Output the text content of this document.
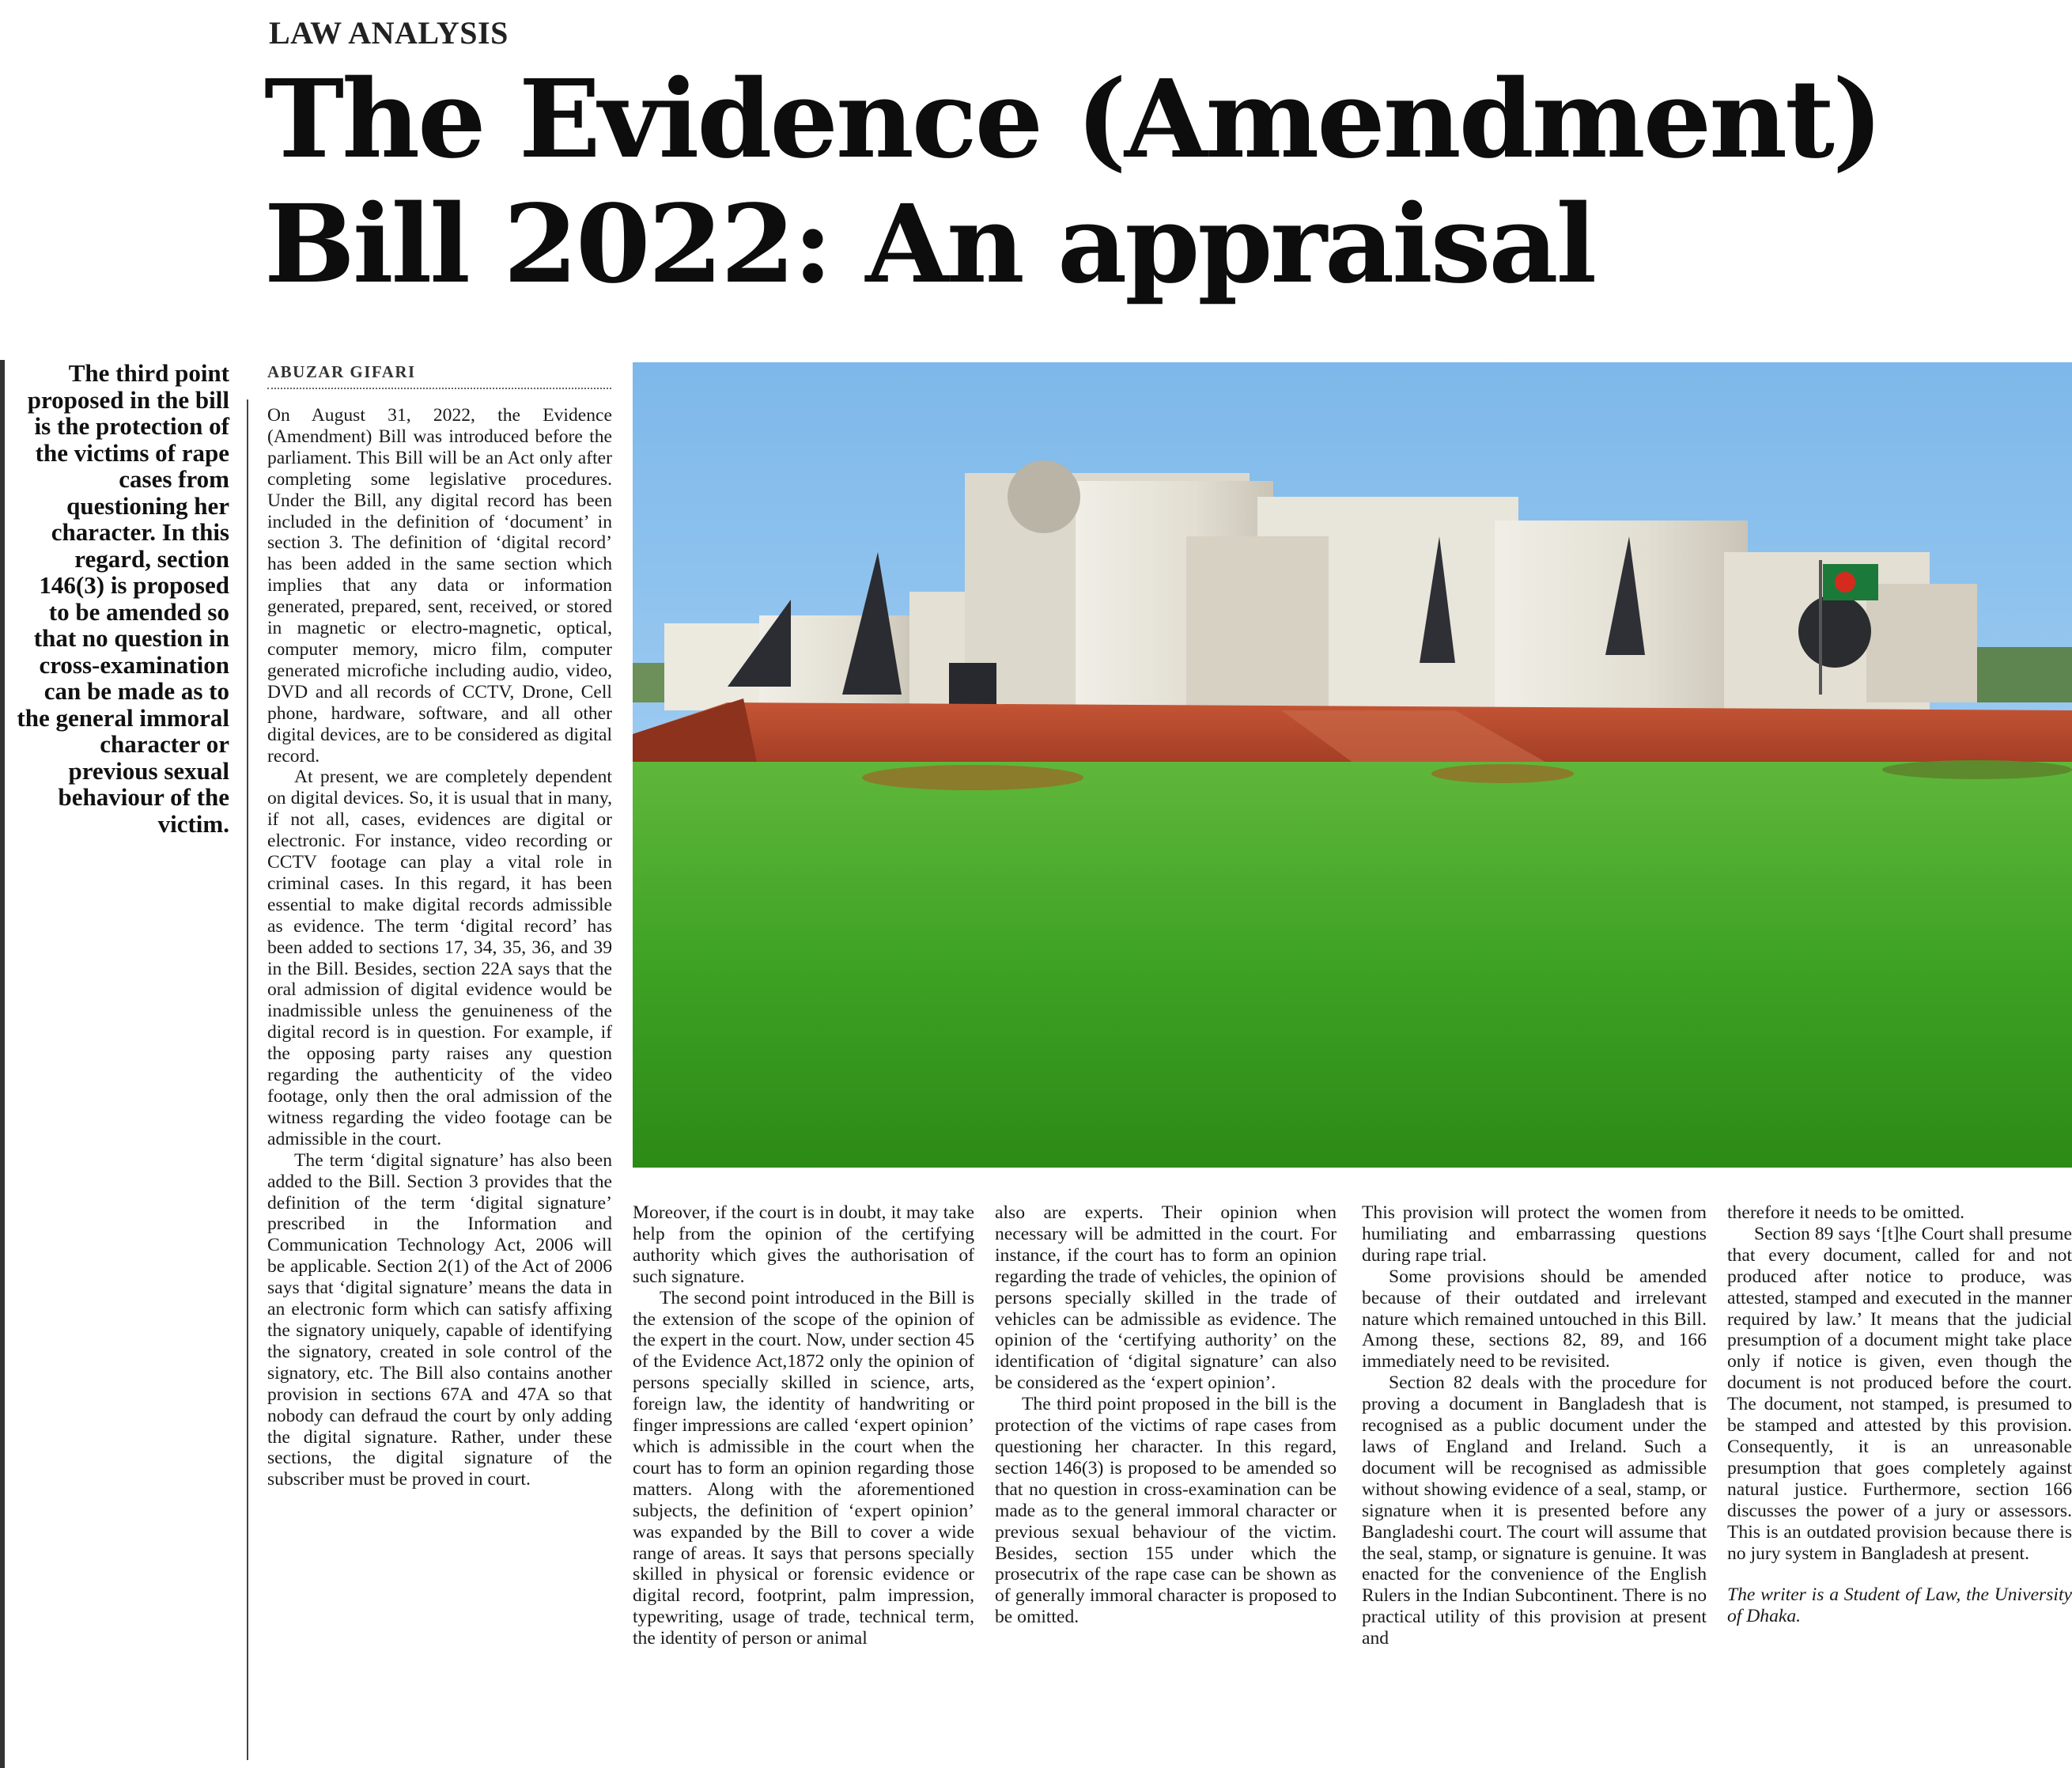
LAW ANALYSIS
The Evidence (Amendment)
Bill 2022: An appraisal

The third point proposed in the bill is the protection of the victims of rape cases from questioning her character. In this regard, section 146(3) is proposed to be amended so that no question in cross-examination can be made as to the general immoral character or previous sexual behaviour of the victim.

ABUZAR GIFARI

On August 31, 2022, the Evidence (Amendment) Bill was introduced before the parliament. This Bill will be an Act only after completing some legislative procedures. Under the Bill, any digital record has been included in the definition of ‘document’ in section 3. The definition of ‘digital record’ has been added in the same section which implies that any data or information generated, prepared, sent, received, or stored in magnetic or electro-magnetic, optical, computer memory, micro film, computer generated microfiche including audio, video, DVD and all records of CCTV, Drone, Cell phone, hardware, software, and all other digital devices, are to be considered as digital record.

At present, we are completely dependent on digital devices. So, it is usual that in many, if not all, cases, evidences are digital or electronic. For instance, video recording or CCTV footage can play a vital role in criminal cases. In this regard, it has been essential to make digital records admissible as evidence. The term ‘digital record’ has been added to sections 17, 34, 35, 36, and 39 in the Bill. Besides, section 22A says that the oral admission of digital evidence would be inadmissible unless the genuineness of the digital record is in question. For example, if the opposing party raises any question regarding the authenticity of the video footage, only then the oral admission of the witness regarding the video footage can be admissible in the court.

The term ‘digital signature’ has also been added to the Bill. Section 3 provides that the definition of the term ‘digital signature’ prescribed in the Information and Communication Technology Act, 2006 will be applicable. Section 2(1) of the Act of 2006 says that ‘digital signature’ means the data in an electronic form which can satisfy affixing the signatory uniquely, capable of identifying the signatory, created in sole control of the signatory, etc. The Bill also contains another provision in sections 67A and 47A so that nobody can defraud the court by only adding the digital signature. Rather, under these sections, the digital signature of the subscriber must be proved in court.

Moreover, if the court is in doubt, it may take help from the opinion of the certifying authority which gives the authorisation of such signature.

The second point introduced in the Bill is the extension of the scope of the opinion of the expert in the court. Now, under section 45 of the Evidence Act,1872 only the opinion of persons specially skilled in science, arts, foreign law, the identity of handwriting or finger impressions are called ‘expert opinion’ which is admissible in the court when the court has to form an opinion regarding those matters. Along with the aforementioned subjects, the definition of ‘expert opinion’ was expanded by the Bill to cover a wide range of areas. It says that persons specially skilled in physical or forensic evidence or digital record, footprint, palm impression, typewriting, usage of trade, technical term, the identity of person or animal

also are experts. Their opinion when necessary will be admitted in the court. For instance, if the court has to form an opinion regarding the trade of vehicles, the opinion of persons specially skilled in the trade of vehicles can be admissible as evidence. The opinion of the ‘certifying authority’ on the identification of ‘digital signature’ can also be considered as the ‘expert opinion’.

The third point proposed in the bill is the protection of the victims of rape cases from questioning her character. In this regard, section 146(3) is proposed to be amended so that no question in cross-examination can be made as to the general immoral character or previous sexual behaviour of the victim. Besides, section 155 under which the prosecutrix of the rape case can be shown as of generally immoral character is proposed to be omitted.

This provision will protect the women from humiliating and embarrassing questions during rape trial.

Some provisions should be amended because of their outdated and irrelevant nature which remained untouched in this Bill. Among these, sections 82, 89, and 166 immediately need to be revisited.

Section 82 deals with the procedure for proving a document in Bangladesh that is recognised as a public document under the laws of England and Ireland. Such a document will be recognised as admissible without showing evidence of a seal, stamp, or signature when it is presented before any Bangladeshi court. The court will assume that the seal, stamp, or signature is genuine. It was enacted for the convenience of the English Rulers in the Indian Subcontinent. There is no practical utility of this provision at present and

therefore it needs to be omitted.

Section 89 says ‘[t]he Court shall presume that every document, called for and not produced after notice to produce, was attested, stamped and executed in the manner required by law.’ It means that the judicial presumption of a document might take place only if notice is given, even though the document is not produced before the court. The document, not stamped, is presumed to be stamped and attested by this provision. Consequently, it is an unreasonable presumption that goes completely against natural justice. Furthermore, section 166 discusses the power of a jury or assessors. This is an outdated provision because there is no jury system in Bangladesh at present.

The writer is a Student of Law, the University of Dhaka.
